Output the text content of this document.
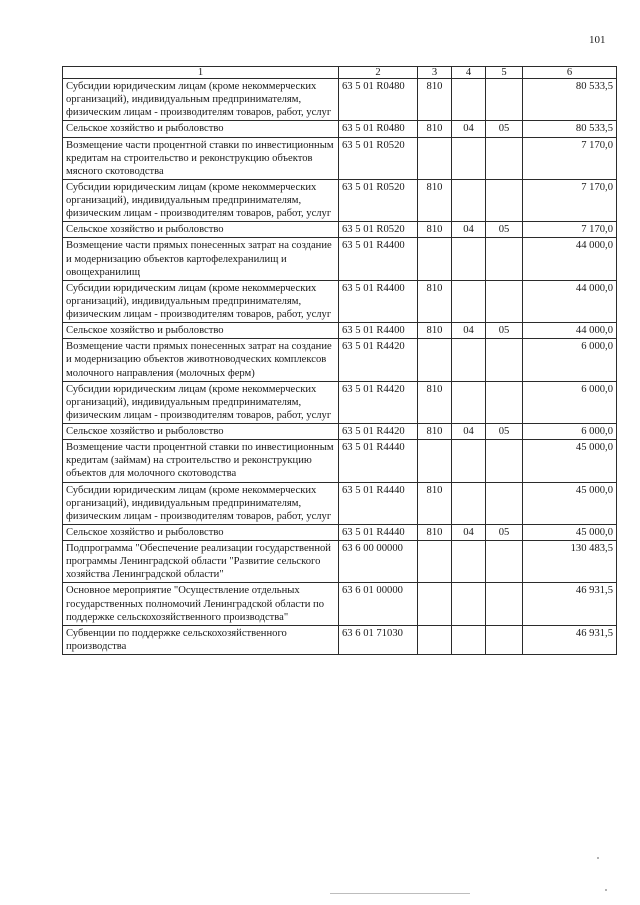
101
1	2	3	4	5	6
Субсидии юридическим лицам (кроме некоммерческих организаций), индивидуальным предпринимателям, физическим лицам - производителям товаров, работ, услуг	63 5 01 R0480	810			80 533,5
Сельское хозяйство и рыболовство	63 5 01 R0480	810	04	05	80 533,5
Возмещение части процентной ставки по инвестиционным кредитам на строительство и реконструкцию объектов мясного скотоводства	63 5 01 R0520				7 170,0
Субсидии юридическим лицам (кроме некоммерческих организаций), индивидуальным предпринимателям, физическим лицам - производителям товаров, работ, услуг	63 5 01 R0520	810			7 170,0
Сельское хозяйство и рыболовство	63 5 01 R0520	810	04	05	7 170,0
Возмещение части прямых понесенных затрат на создание и модернизацию объектов картофелехранилищ и овощехранилищ	63 5 01 R4400				44 000,0
Субсидии юридическим лицам (кроме некоммерческих организаций), индивидуальным предпринимателям, физическим лицам - производителям товаров, работ, услуг	63 5 01 R4400	810			44 000,0
Сельское хозяйство и рыболовство	63 5 01 R4400	810	04	05	44 000,0
Возмещение части прямых понесенных затрат на создание и модернизацию объектов животноводческих комплексов молочного направления (молочных ферм)	63 5 01 R4420				6 000,0
Субсидии юридическим лицам (кроме некоммерческих организаций), индивидуальным предпринимателям, физическим лицам - производителям товаров, работ, услуг	63 5 01 R4420	810			6 000,0
Сельское хозяйство и рыболовство	63 5 01 R4420	810	04	05	6 000,0
Возмещение части процентной ставки по инвестиционным кредитам (займам) на строительство и реконструкцию объектов для молочного скотоводства	63 5 01 R4440				45 000,0
Субсидии юридическим лицам (кроме некоммерческих организаций), индивидуальным предпринимателям, физическим лицам - производителям товаров, работ, услуг	63 5 01 R4440	810			45 000,0
Сельское хозяйство и рыболовство	63 5 01 R4440	810	04	05	45 000,0
Подпрограмма "Обеспечение реализации государственной программы Ленинградской области "Развитие сельского хозяйства Ленинградской области"	63 6 00 00000				130 483,5
Основное мероприятие "Осуществление отдельных государственных полномочий Ленинградской области по поддержке сельскохозяйственного производства"	63 6 01 00000				46 931,5
Субвенции по поддержке сельскохозяйственного производства	63 6 01 71030				46 931,5
